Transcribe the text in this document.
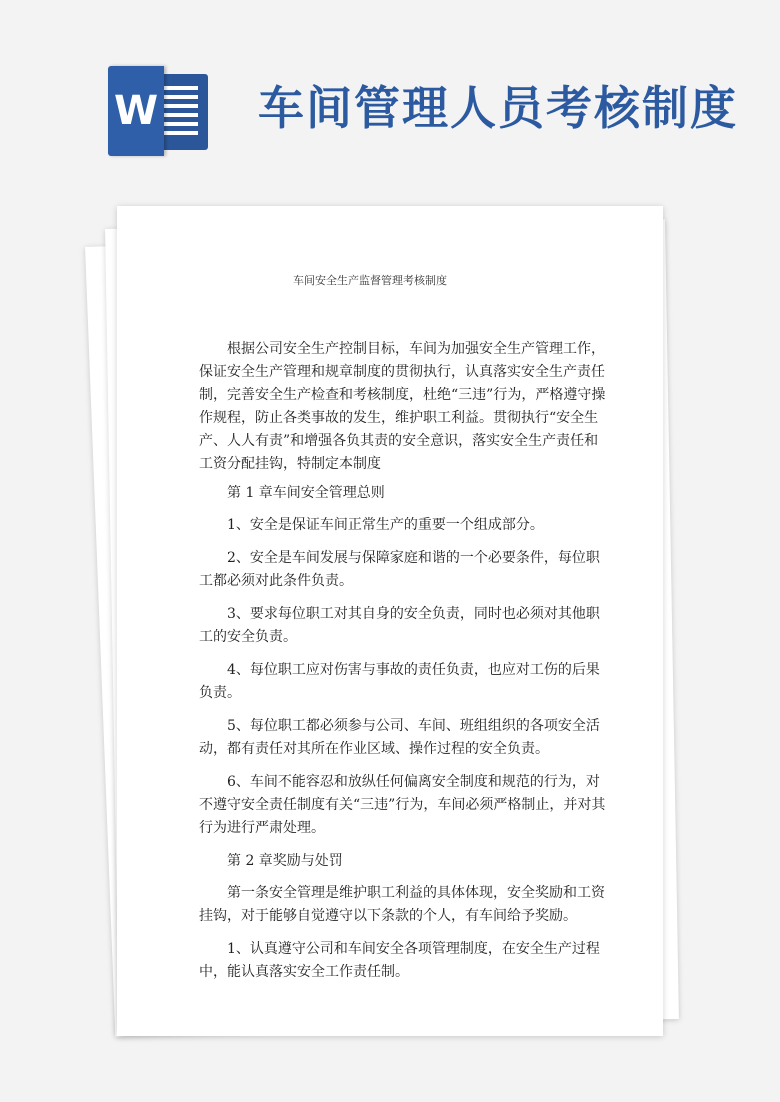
W 车间管理人员考核制度
车间安全生产监督管理考核制度

根据公司安全生产控制目标，车间为加强安全生产管理工作，保证安全生产管理和规章制度的贯彻执行，认真落实安全生产责任制，完善安全生产检查和考核制度，杜绝“三违”行为，严格遵守操作规程，防止各类事故的发生，维护职工利益。贯彻执行“安全生产、人人有责”和增强各负其责的安全意识，落实安全生产责任和工资分配挂钩，特制定本制度

第 1 章车间安全管理总则

1、安全是保证车间正常生产的重要一个组成部分。

2、安全是车间发展与保障家庭和谐的一个必要条件，每位职工都必须对此条件负责。

3、要求每位职工对其自身的安全负责，同时也必须对其他职工的安全负责。

4、每位职工应对伤害与事故的责任负责，也应对工伤的后果负责。

5、每位职工都必须参与公司、车间、班组组织的各项安全活动，都有责任对其所在作业区域、操作过程的安全负责。

6、车间不能容忍和放纵任何偏离安全制度和规范的行为，对不遵守安全责任制度有关“三违”行为，车间必须严格制止，并对其行为进行严肃处理。

第 2 章奖励与处罚

第一条安全管理是维护职工利益的具体体现，安全奖励和工资挂钩，对于能够自觉遵守以下条款的个人，有车间给予奖励。

1、认真遵守公司和车间安全各项管理制度，在安全生产过程中，能认真落实安全工作责任制。
